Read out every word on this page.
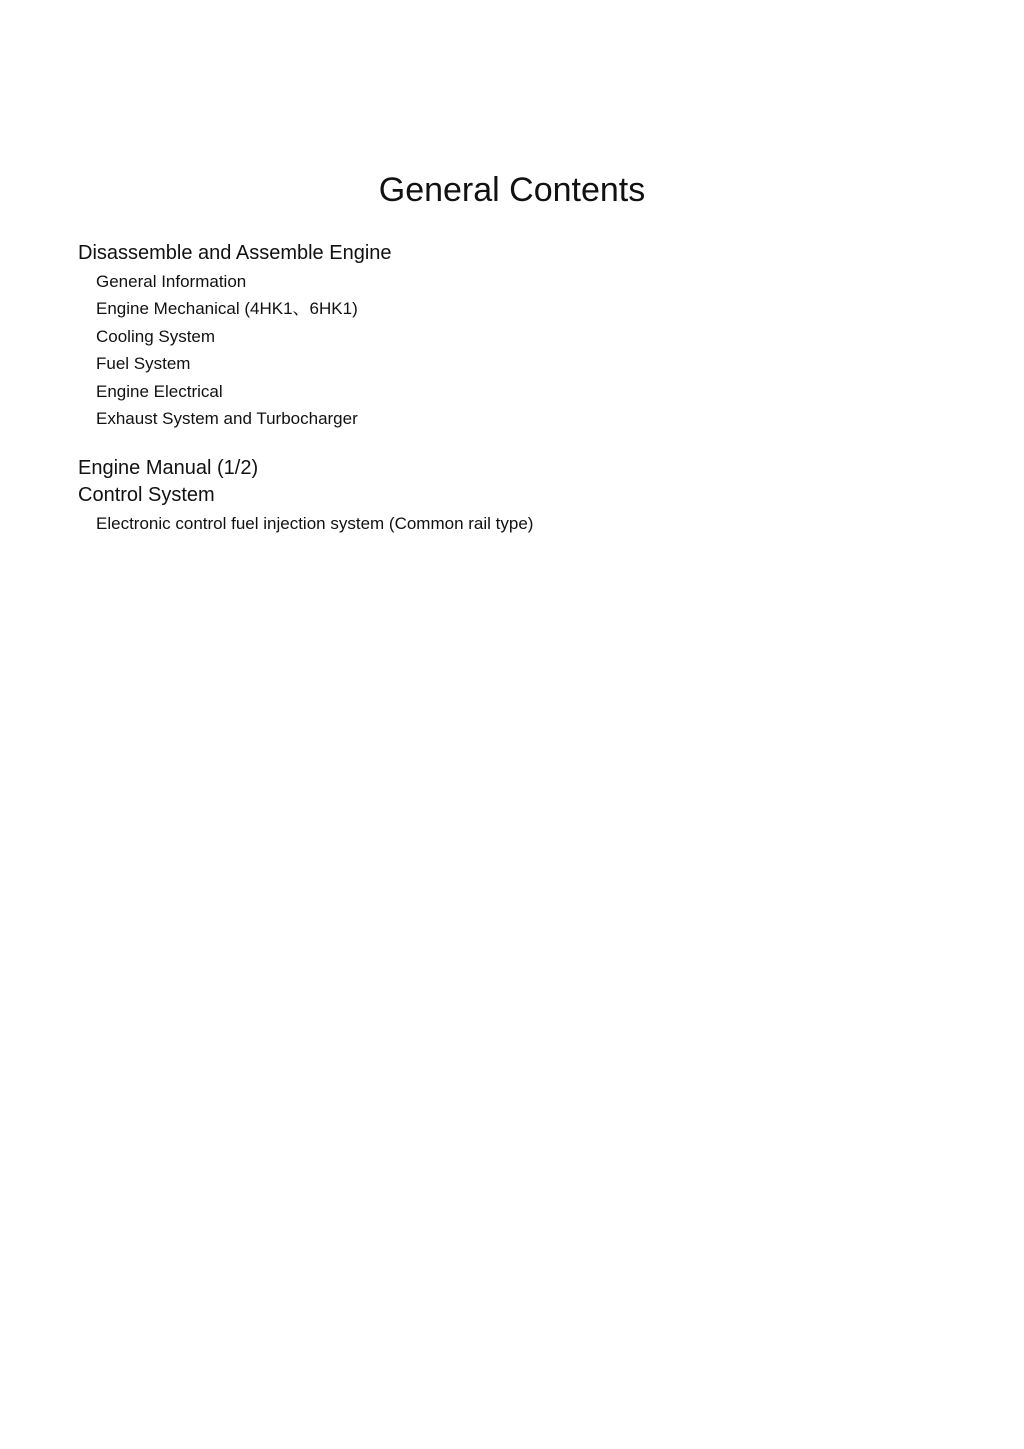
General Contents
Disassemble and Assemble Engine
General Information
Engine Mechanical (4HK1、6HK1)
Cooling System
Fuel System
Engine Electrical
Exhaust System and Turbocharger
Engine Manual (1/2)
Control System
Electronic control fuel injection system (Common rail type)
